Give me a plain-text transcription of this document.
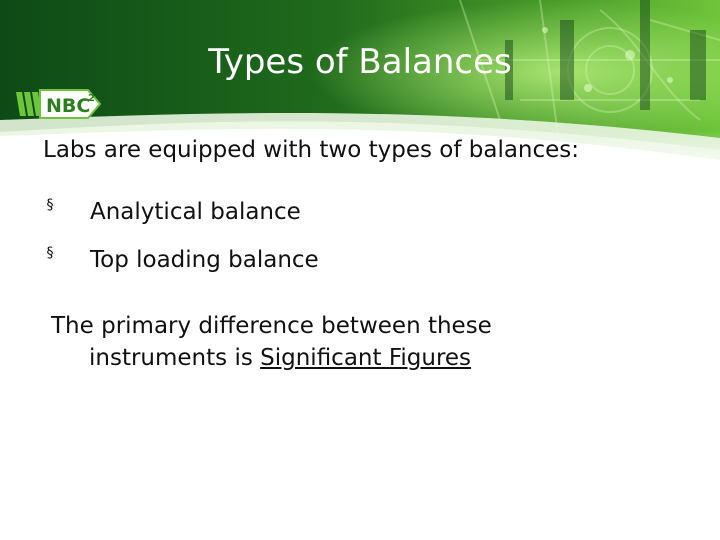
Types of Balances
NBC
2

Labs are equipped with two types of balances:

§ Analytical balance
§ Top loading balance

The primary difference between these
instruments is Significant Figures
